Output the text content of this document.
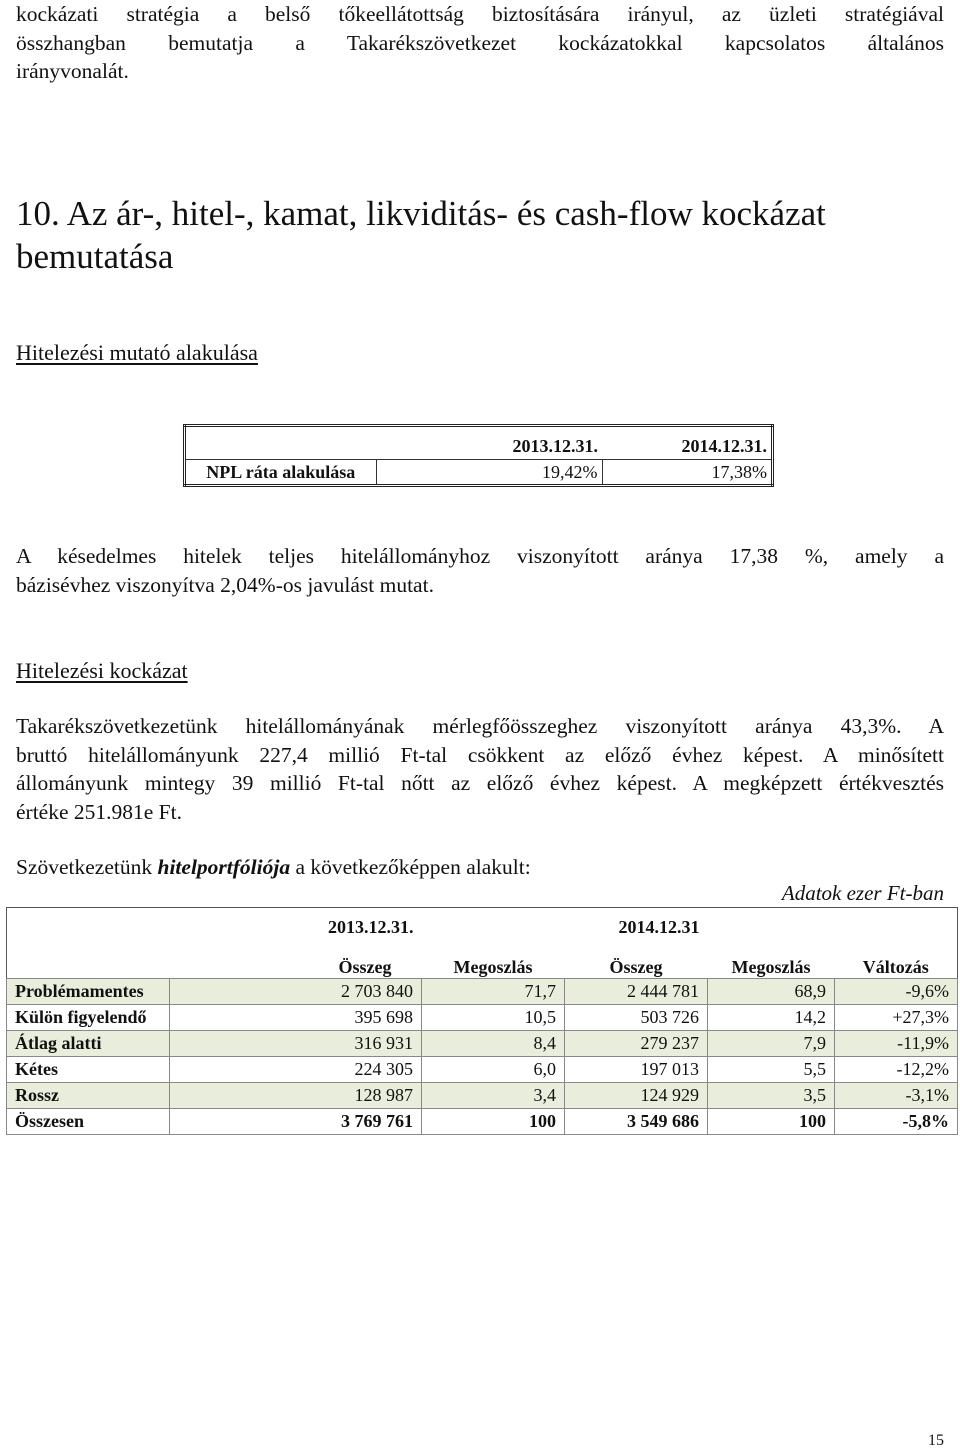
kockázati stratégia a belső tőkeellátottság biztosítására irányul, az üzleti stratégiával
összhangban bemutatja a Takarékszövetkezet kockázatokkal kapcsolatos általános
irányvonalát.
10. Az ár-, hitel-, kamat, likviditás- és cash-flow kockázat bemutatása
Hitelezési mutató alakulása
	2013.12.31.	2014.12.31.
NPL ráta alakulása	19,42%	17,38%
A késedelmes hitelek teljes hitelállományhoz viszonyított aránya 17,38 %, amely a
bázisévhez viszonyítva 2,04%-os javulást mutat.
Hitelezési kockázat
Takarékszövetkezetünk hitelállományának mérlegfőösszeghez viszonyított aránya 43,3%. A
bruttó hitelállományunk 227,4 millió Ft-tal csökkent az előző évhez képest. A minősített
állományunk mintegy 39 millió Ft-tal nőtt az előző évhez képest. A megképzett értékvesztés
értéke 251.981e Ft.
Szövetkezetünk hitelportfóliója a következőképpen alakult:
Adatok ezer Ft-ban
	2013.12.31.		2014.12.31		
	Összeg	Megoszlás	Összeg	Megoszlás	Változás
Problémamentes	2 703 840	71,7	2 444 781	68,9	-9,6%
Külön figyelendő	395 698	10,5	503 726	14,2	+27,3%
Átlag alatti	316 931	8,4	279 237	7,9	-11,9%
Kétes	224 305	6,0	197 013	5,5	-12,2%
Rossz	128 987	3,4	124 929	3,5	-3,1%
Összesen	3 769 761	100	3 549 686	100	-5,8%
15
